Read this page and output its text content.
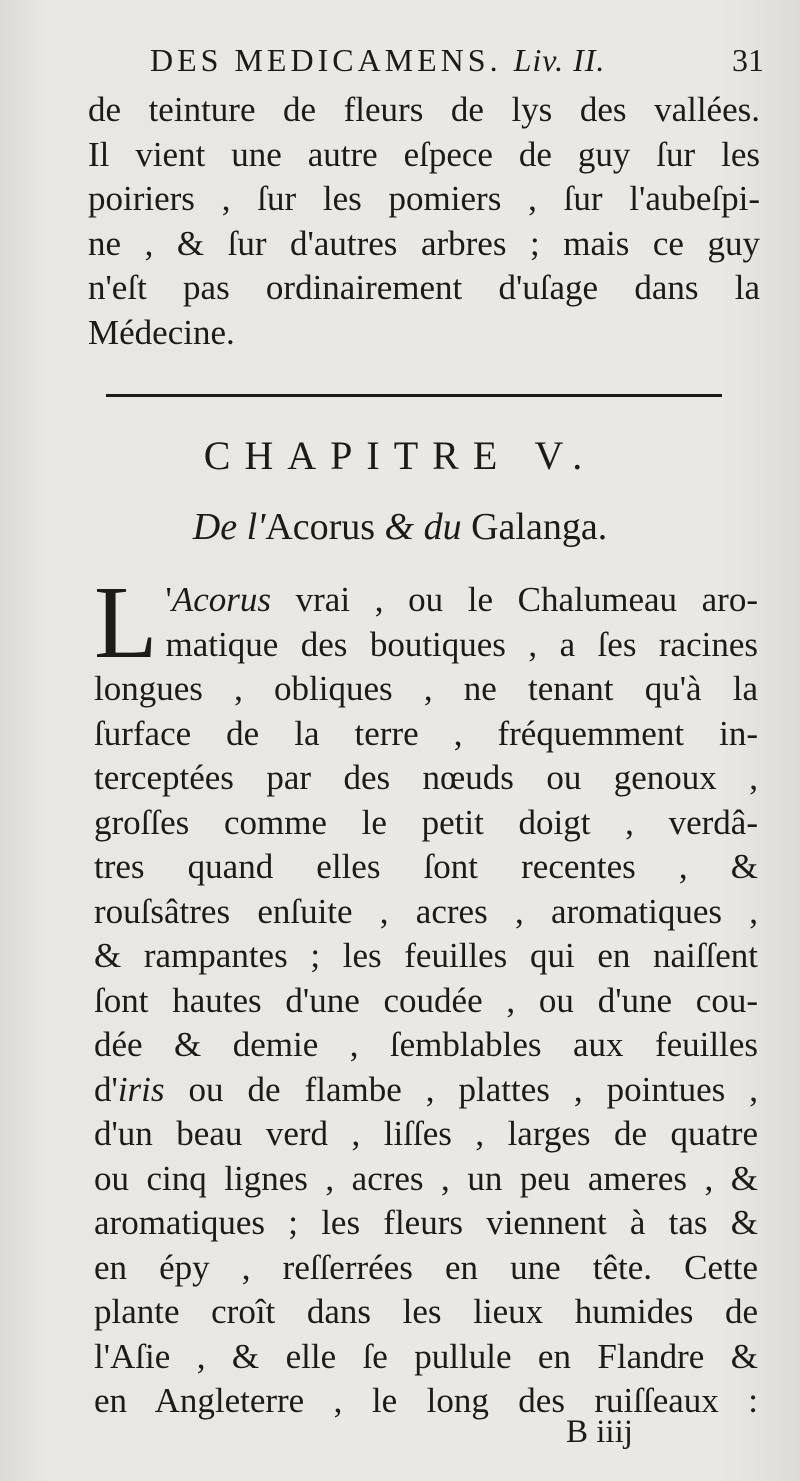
DES MEDICAMENS. Liv. II.	31
de teinture de fleurs de lys des vallées.
Il vient une autre eſpece de guy ſur les
poiriers , ſur les pomiers , ſur l'aubeſpi-
ne , & ſur d'autres arbres ; mais ce guy
n'eſt pas ordinairement d'uſage dans la
Médecine.
CHAPITRE V.
De l'Acorus & du Galanga.
L 'Acorus vrai , ou le Chalumeau aro-
matique des boutiques , a ſes racines
longues , obliques , ne tenant qu'à la
ſurface de la terre , fréquemment in-
terceptées par des nœuds ou genoux ,
groſſes comme le petit doigt , verdâ-
tres quand elles ſont recentes , &
rouſsâtres enſuite , acres , aromatiques ,
& rampantes ; les feuilles qui en naiſſent
ſont hautes d'une coudée , ou d'une cou-
dée & demie , ſemblables aux feuilles
d'iris ou de flambe , plattes , pointues ,
d'un beau verd , liſſes , larges de quatre
ou cinq lignes , acres , un peu ameres , &
aromatiques ; les fleurs viennent à tas &
en épy , reſſerrées en une tête. Cette
plante croît dans les lieux humides de
l'Aſie , & elle ſe pullule en Flandre &
en Angleterre , le long des ruiſſeaux :
B iiij
